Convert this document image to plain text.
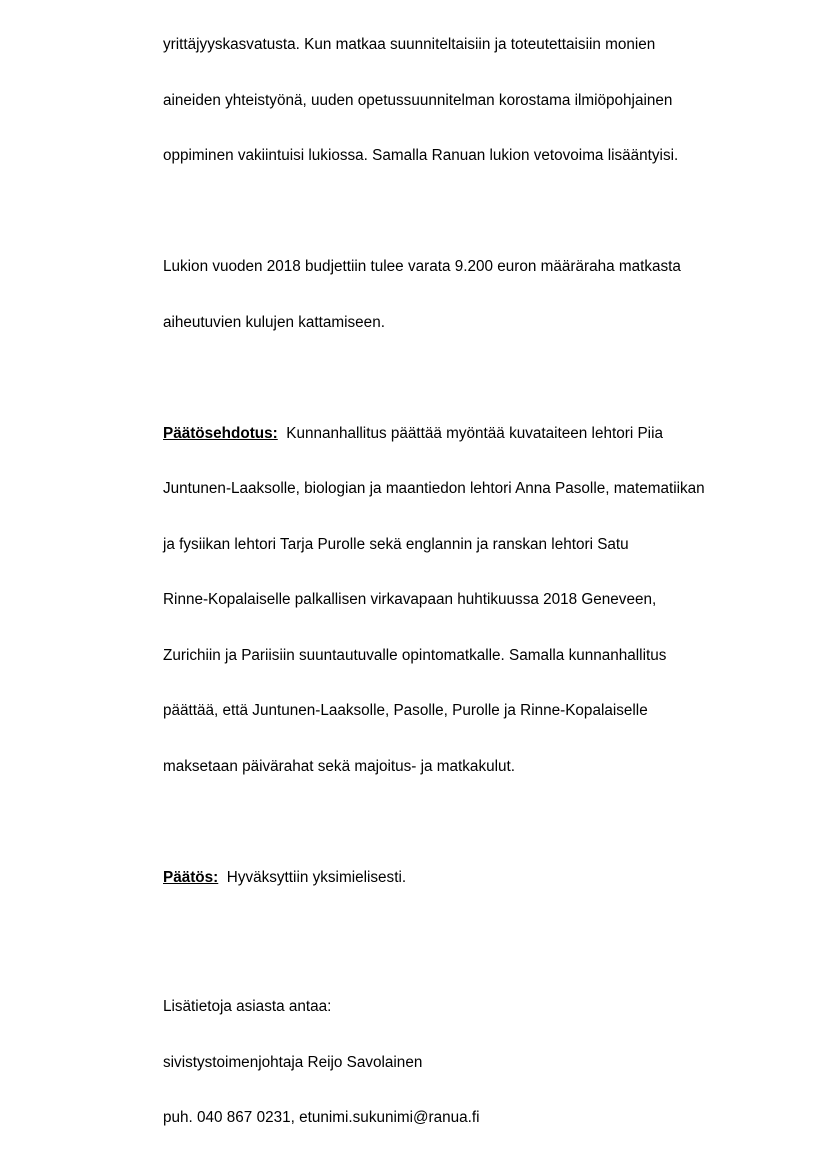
yrittäjyyskasvatusta. Kun matkaa suunniteltaisiin ja toteutettaisiin monien

aineiden yhteistyönä, uuden opetussuunnitelman korostama ilmiöpohjainen

oppiminen vakiintuisi lukiossa. Samalla Ranuan lukion vetovoima lisääntyisi.

Lukion vuoden 2018 budjettiin tulee varata 9.200 euron määräraha matkasta

aiheutuvien kulujen kattamiseen.

Päätösehdotus: Kunnanhallitus päättää myöntää kuvataiteen lehtori Piia

Juntunen-Laaksolle, biologian ja maantiedon lehtori Anna Pasolle, matematiikan

ja fysiikan lehtori Tarja Purolle sekä englannin ja ranskan lehtori Satu

Rinne-Kopalaiselle palkallisen virkavapaan huhtikuussa 2018 Geneveen,

Zurichiin ja Pariisiin suuntautuvalle opintomatkalle. Samalla kunnanhallitus

päättää, että Juntunen-Laaksolle, Pasolle, Purolle ja Rinne-Kopalaiselle

maksetaan päivärahat sekä majoitus- ja matkakulut.

Päätös: Hyväksyttiin yksimielisesti.

Lisätietoja asiasta antaa:

sivistystoimenjohtaja Reijo Savolainen

puh. 040 867 0231, etunimi.sukunimi@ranua.fi
